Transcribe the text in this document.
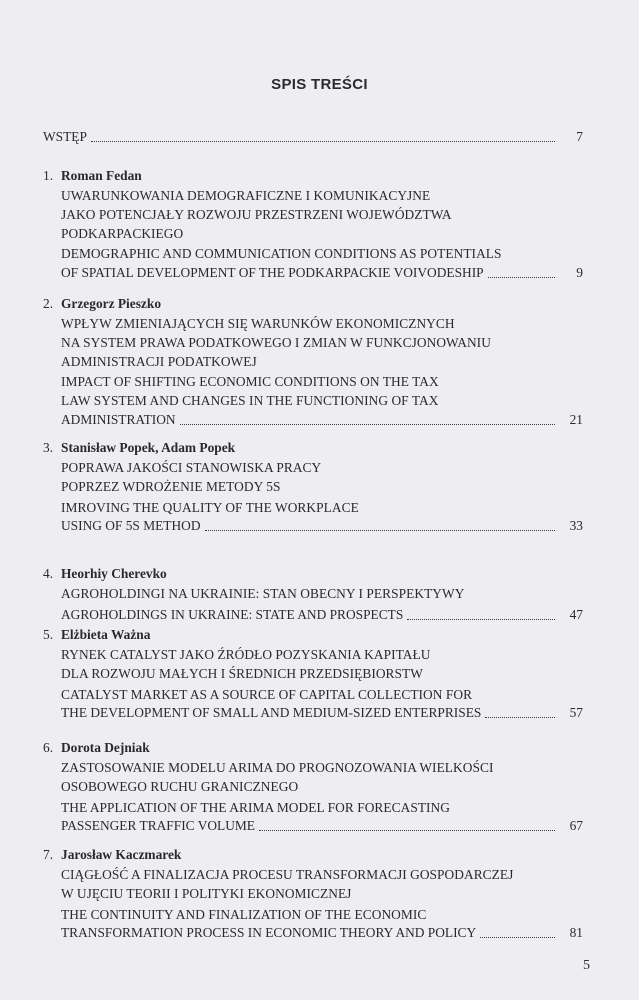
SPIS TREŚCI
WSTĘP	7
1. Roman Fedan
UWARUNKOWANIA DEMOGRAFICZNE I KOMUNIKACYJNE
JAKO POTENCJAŁY ROZWOJU PRZESTRZENI WOJEWÓDZTWA
PODKARPACKIEGO
DEMOGRAPHIC AND COMMUNICATION CONDITIONS AS POTENTIALS
OF SPATIAL DEVELOPMENT OF THE PODKARPACKIE VOIVODESHIP	9
2. Grzegorz Pieszko
WPŁYW ZMIENIAJĄCYCH SIĘ WARUNKÓW EKONOMICZNYCH
NA SYSTEM PRAWA PODATKOWEGO I ZMIAN W FUNKCJONOWANIU
ADMINISTRACJI PODATKOWEJ
IMPACT OF SHIFTING ECONOMIC CONDITIONS ON THE TAX
LAW SYSTEM AND CHANGES IN THE FUNCTIONING OF TAX
ADMINISTRATION	21
3. Stanisław Popek, Adam Popek
POPRAWA JAKOŚCI STANOWISKA PRACY
POPRZEZ WDROŻENIE METODY 5S
IMROVING THE QUALITY OF THE WORKPLACE
USING OF 5S METHOD	33
4. Heorhiy Cherevko
AGROHOLDINGI NA UKRAINIE: STAN OBECNY I PERSPEKTYWY
AGROHOLDINGS IN UKRAINE: STATE AND PROSPECTS	47
5. Elżbieta Ważna
RYNEK CATALYST JAKO ŹRÓDŁO POZYSKANIA KAPITAŁU
DLA ROZWOJU MAŁYCH I ŚREDNICH PRZEDSIĘBIORSTW
CATALYST MARKET AS A SOURCE OF CAPITAL COLLECTION FOR
THE DEVELOPMENT OF SMALL AND MEDIUM-SIZED ENTERPRISES	57
6. Dorota Dejniak
ZASTOSOWANIE MODELU ARIMA DO PROGNOZOWANIA WIELKOŚCI
OSOBOWEGO RUCHU GRANICZNEGO
THE APPLICATION OF THE ARIMA MODEL FOR FORECASTING
PASSENGER TRAFFIC VOLUME	67
7. Jarosław Kaczmarek
CIĄGŁOŚĆ A FINALIZACJA PROCESU TRANSFORMACJI GOSPODARCZEJ
W UJĘCIU TEORII I POLITYKI EKONOMICZNEJ
THE CONTINUITY AND FINALIZATION OF THE ECONOMIC
TRANSFORMATION PROCESS IN ECONOMIC THEORY AND POLICY	81
5
